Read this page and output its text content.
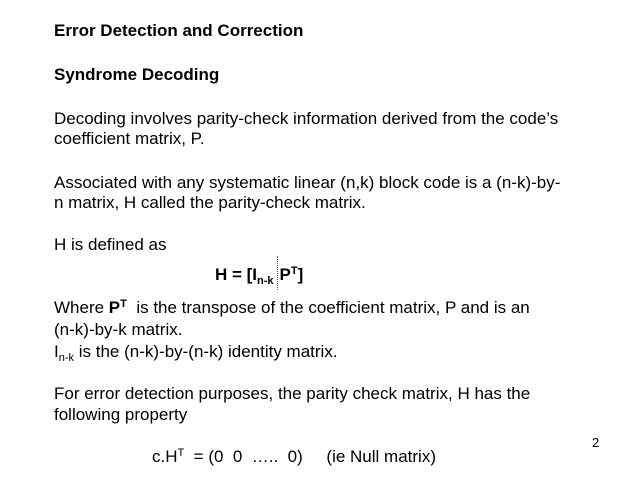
Error Detection and Correction
Syndrome Decoding
Decoding involves parity-check information derived from the code’s
coefficient matrix, P.
Associated with any systematic linear (n,k) block code is a (n-k)-by-
n matrix, H called the parity-check matrix.
H is defined as
$H = [I_{n-k}$ $P^T$]
Where $P^T$  is the transpose of the coefficient matrix, P and is an
(n-k)-by-k matrix.
$I_{n-k}$ is the (n-k)-by-(n-k) identity matrix.
For error detection purposes, the parity check matrix, H has the
following property
$c.H^T = (0$  0  …..  0)     (ie Null matrix)
2
